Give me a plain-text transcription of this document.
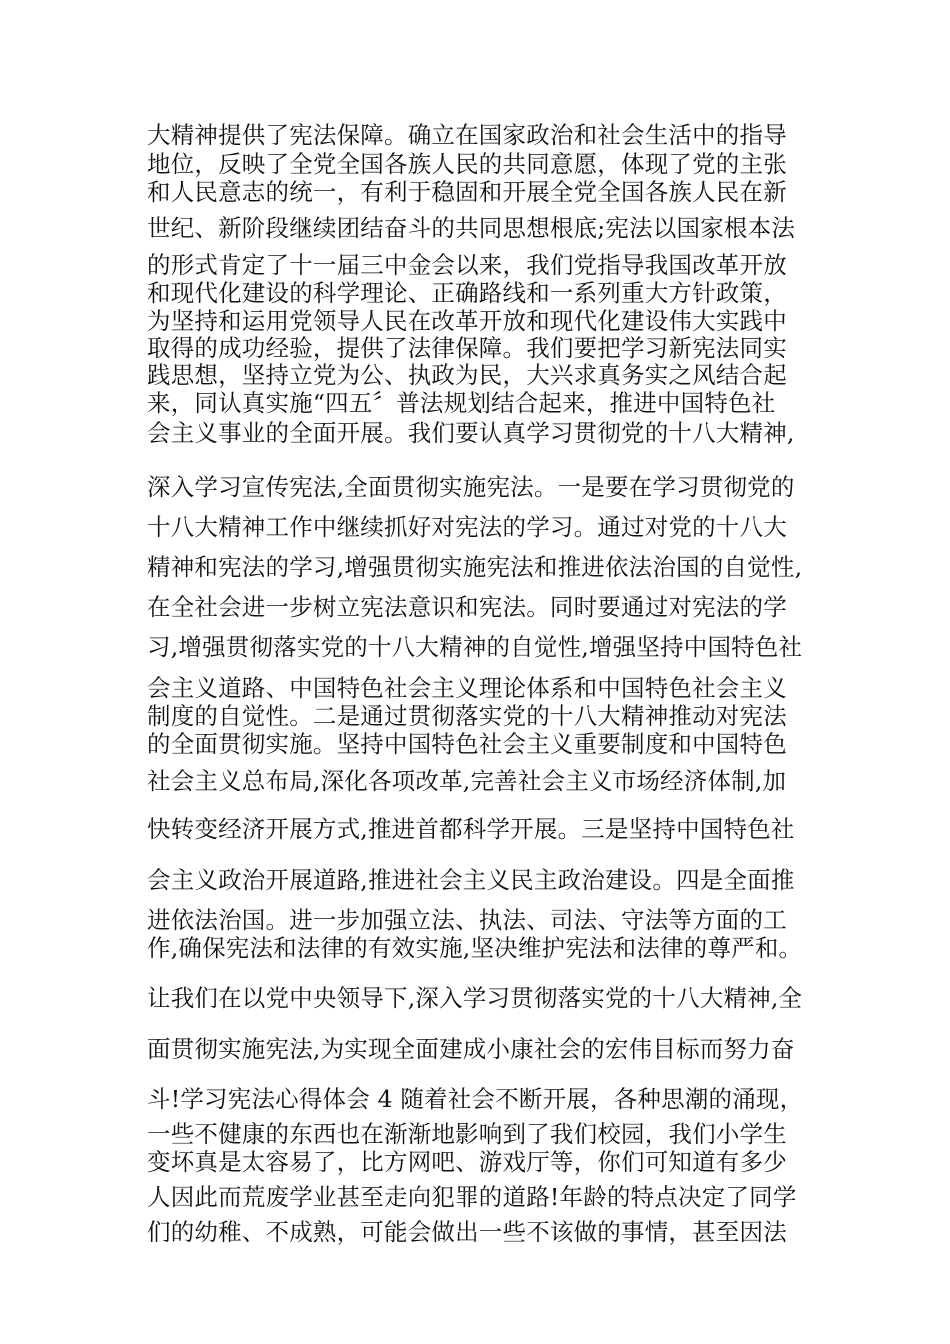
大精神提供了宪法保障。确立在国家政治和社会生活中的指导
地位，反映了全党全国各族人民的共同意愿，体现了党的主张
和人民意志的统一，有利于稳固和开展全党全国各族人民在新
世纪、新阶段继续团结奋斗的共同思想根底;宪法以国家根本法
的形式肯定了十一届三中金会以来，我们党指导我国改革开放
和现代化建设的科学理论、正确路线和一系列重大方针政策，
为坚持和运用党领导人民在改革开放和现代化建设伟大实践中
取得的成功经验，提供了法律保障。我们要把学习新宪法同实
践思想，坚持立党为公、执政为民，大兴求真务实之风结合起
来，同认真实施“四五〞普法规划结合起来，推进中国特色社
会主义事业的全面开展。我们要认真学习贯彻党的十八大精神,
深入学习宣传宪法,全面贯彻实施宪法。一是要在学习贯彻党的
十八大精神工作中继续抓好对宪法的学习。通过对党的十八大
精神和宪法的学习,增强贯彻实施宪法和推进依法治国的自觉性,
在全社会进一步树立宪法意识和宪法。同时要通过对宪法的学
习,增强贯彻落实党的十八大精神的自觉性,增强坚持中国特色社
会主义道路、中国特色社会主义理论体系和中国特色社会主义
制度的自觉性。二是通过贯彻落实党的十八大精神推动对宪法
的全面贯彻实施。坚持中国特色社会主义重要制度和中国特色
社会主义总布局,深化各项改革,完善社会主义市场经济体制,加
快转变经济开展方式,推进首都科学开展。三是坚持中国特色社
会主义政治开展道路,推进社会主义民主政治建设。四是全面推
进依法治国。进一步加强立法、执法、司法、守法等方面的工
作,确保宪法和法律的有效实施,坚决维护宪法和法律的尊严和。
让我们在以党中央领导下,深入学习贯彻落实党的十八大精神,全
面贯彻实施宪法,为实现全面建成小康社会的宏伟目标而努力奋
斗!学习宪法心得体会 4 随着社会不断开展，各种思潮的涌现，
一些不健康的东西也在渐渐地影响到了我们校园，我们小学生
变坏真是太容易了，比方网吧、游戏厅等，你们可知道有多少
人因此而荒废学业甚至走向犯罪的道路!年龄的特点决定了同学
们的幼稚、不成熟，可能会做出一些不该做的事情，甚至因法
